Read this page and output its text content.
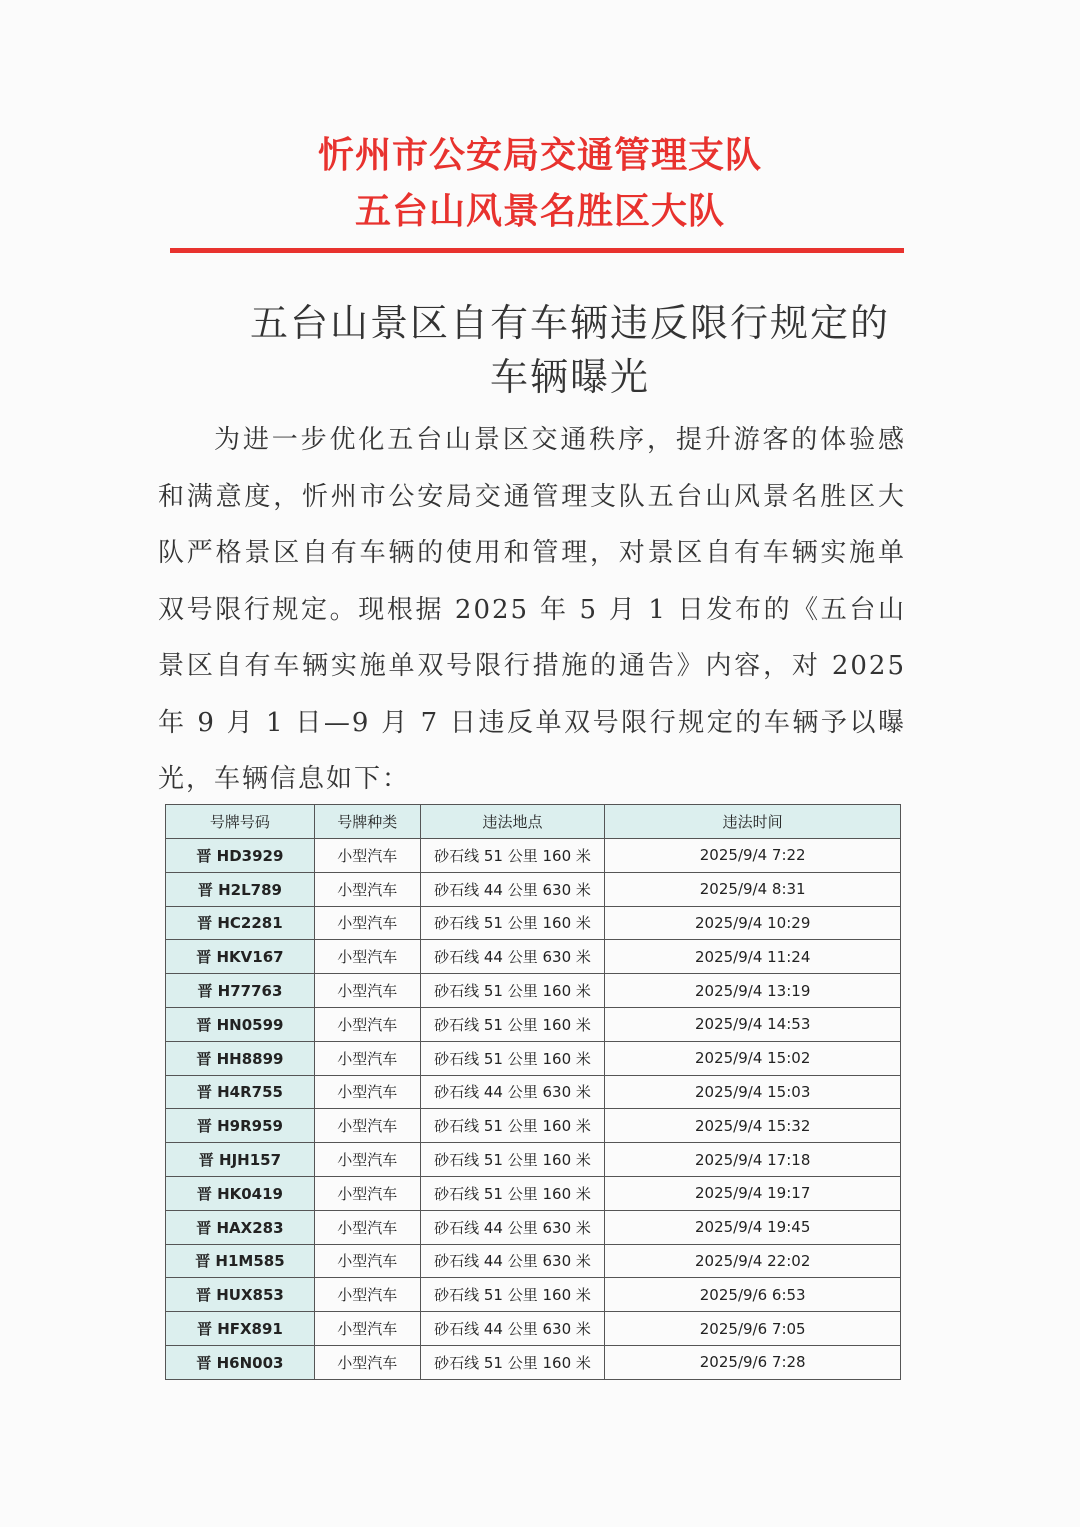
忻州市公安局交通管理支队
五台山风景名胜区大队
五台山景区自有车辆违反限行规定的
车辆曝光

为进一步优化五台山景区交通秩序，提升游客的体验感和满意度，忻州市公安局交通管理支队五台山风景名胜区大队严格景区自有车辆的使用和管理，对景区自有车辆实施单双号限行规定。现根据 2025 年 5 月 1 日发布的《五台山景区自有车辆实施单双号限行措施的通告》内容，对 2025 年 9 月 1 日—9 月 7 日违反单双号限行规定的车辆予以曝光，车辆信息如下：

号牌号码	号牌种类	违法地点	违法时间
晋 HD3929	小型汽车	砂石线 51 公里 160 米	2025/9/4 7:22
晋 H2L789	小型汽车	砂石线 44 公里 630 米	2025/9/4 8:31
晋 HC2281	小型汽车	砂石线 51 公里 160 米	2025/9/4 10:29
晋 HKV167	小型汽车	砂石线 44 公里 630 米	2025/9/4 11:24
晋 H77763	小型汽车	砂石线 51 公里 160 米	2025/9/4 13:19
晋 HN0599	小型汽车	砂石线 51 公里 160 米	2025/9/4 14:53
晋 HH8899	小型汽车	砂石线 51 公里 160 米	2025/9/4 15:02
晋 H4R755	小型汽车	砂石线 44 公里 630 米	2025/9/4 15:03
晋 H9R959	小型汽车	砂石线 51 公里 160 米	2025/9/4 15:32
晋 HJH157	小型汽车	砂石线 51 公里 160 米	2025/9/4 17:18
晋 HK0419	小型汽车	砂石线 51 公里 160 米	2025/9/4 19:17
晋 HAX283	小型汽车	砂石线 44 公里 630 米	2025/9/4 19:45
晋 H1M585	小型汽车	砂石线 44 公里 630 米	2025/9/4 22:02
晋 HUX853	小型汽车	砂石线 51 公里 160 米	2025/9/6 6:53
晋 HFX891	小型汽车	砂石线 44 公里 630 米	2025/9/6 7:05
晋 H6N003	小型汽车	砂石线 51 公里 160 米	2025/9/6 7:28
